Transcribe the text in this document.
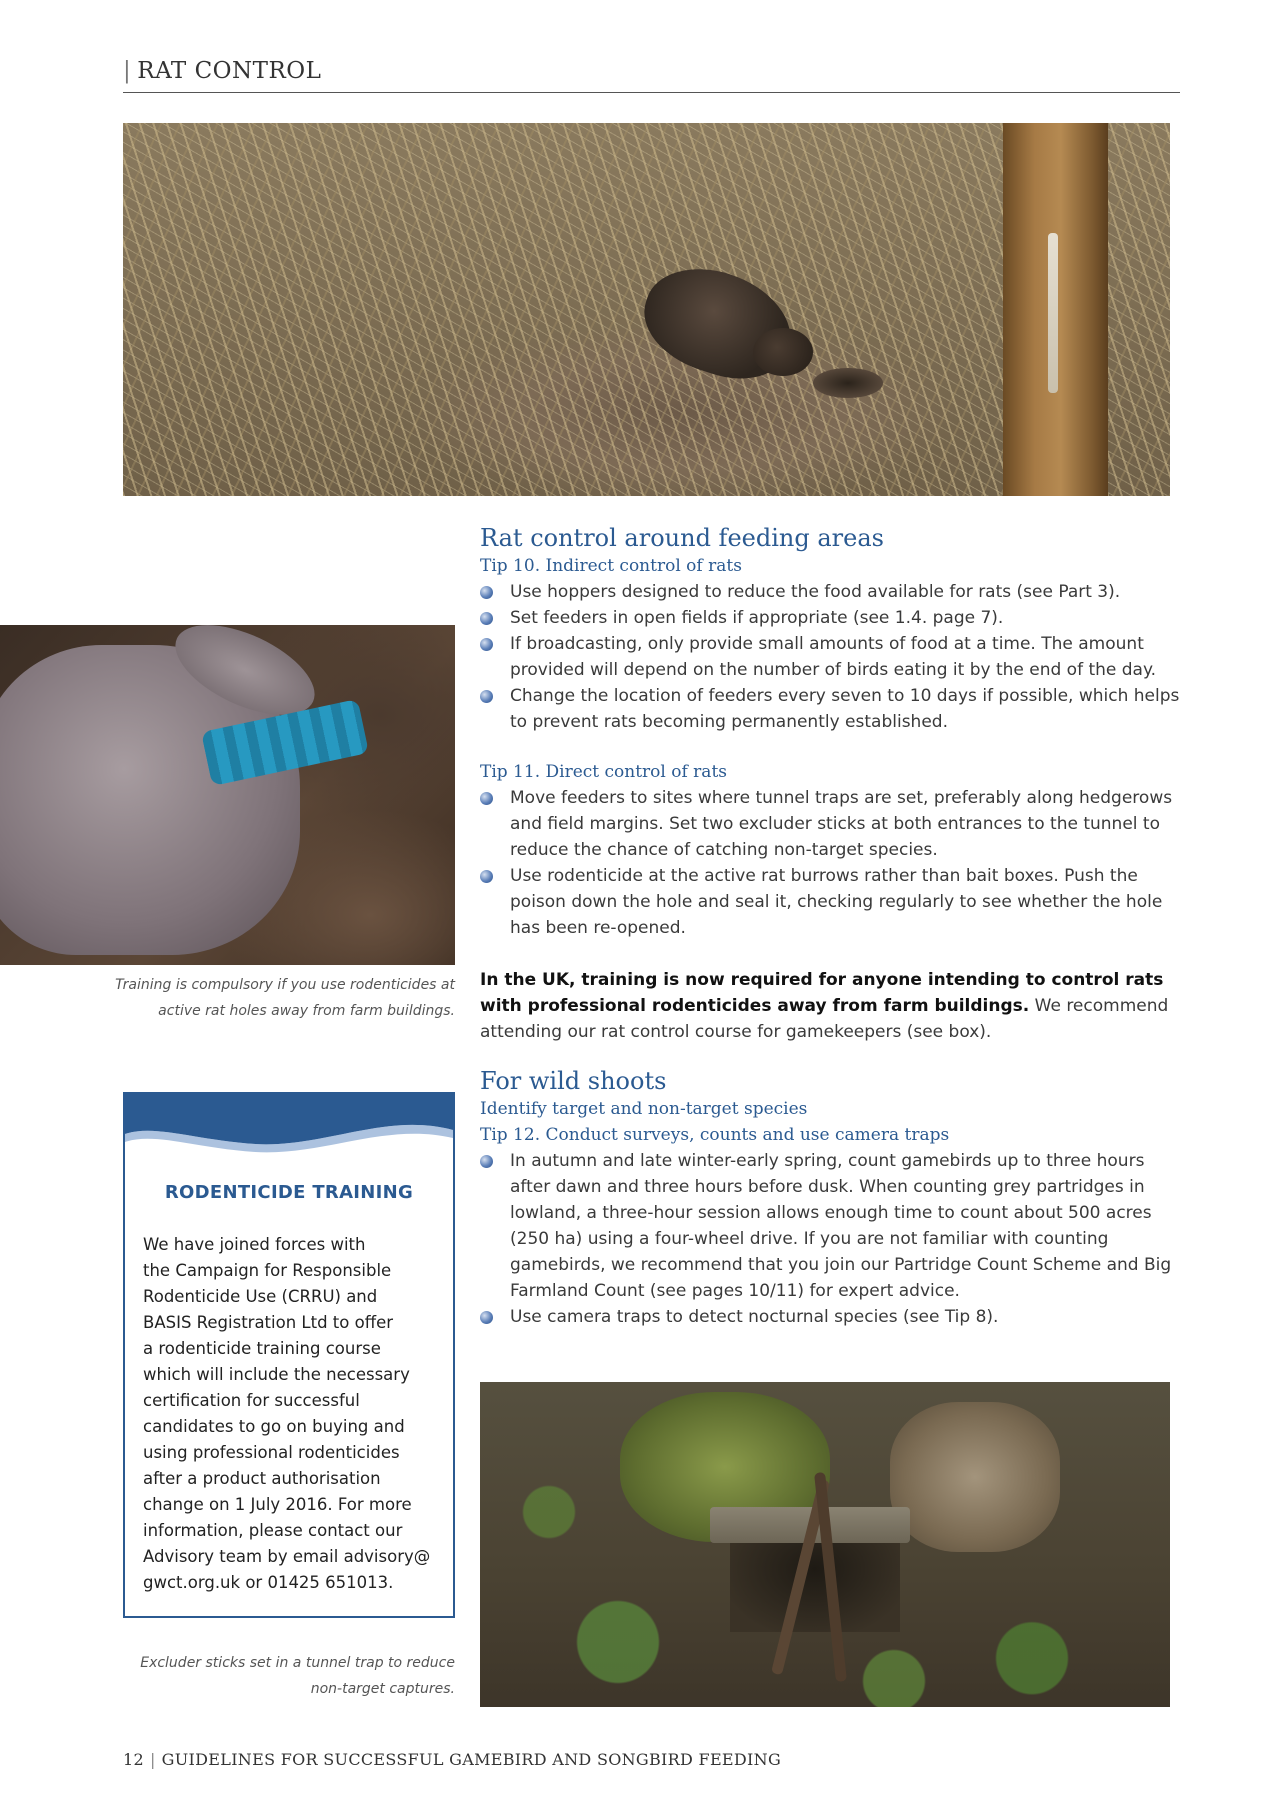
| RAT CONTROL
Training is compulsory if you use rodenticides at
active rat holes away from farm buildings.
Rat control around feeding areas
Tip 10. Indirect control of rats
Use hoppers designed to reduce the food available for rats (see Part 3).
Set feeders in open fields if appropriate (see 1.4. page 7).
If broadcasting, only provide small amounts of food at a time. The amount provided will depend on the number of birds eating it by the end of the day.
Change the location of feeders every seven to 10 days if possible, which helps to prevent rats becoming permanently established.
Tip 11. Direct control of rats
Move feeders to sites where tunnel traps are set, preferably along hedgerows and field margins. Set two excluder sticks at both entrances to the tunnel to reduce the chance of catching non-target species.
Use rodenticide at the active rat burrows rather than bait boxes. Push the poison down the hole and seal it, checking regularly to see whether the hole has been re-opened.
In the UK, training is now required for anyone intending to control rats with professional rodenticides away from farm buildings. We recommend attending our rat control course for gamekeepers (see box).
For wild shoots
Identify target and non-target species
Tip 12. Conduct surveys, counts and use camera traps
In autumn and late winter-early spring, count gamebirds up to three hours after dawn and three hours before dusk. When counting grey partridges in lowland, a three-hour session allows enough time to count about 500 acres (250 ha) using a four-wheel drive. If you are not familiar with counting gamebirds, we recommend that you join our Partridge Count Scheme and Big Farmland Count (see pages 10/11) for expert advice.
Use camera traps to detect nocturnal species (see Tip 8).
RODENTICIDE TRAINING
We have joined forces with
the Campaign for Responsible
Rodenticide Use (CRRU) and
BASIS Registration Ltd to offer
a rodenticide training course
which will include the necessary
certification for successful
candidates to go on buying and
using professional rodenticides
after a product authorisation
change on 1 July 2016. For more
information, please contact our
Advisory team by email advisory@
gwct.org.uk or 01425 651013.
Excluder sticks set in a tunnel trap to reduce
non-target captures.
12 | GUIDELINES FOR SUCCESSFUL GAMEBIRD AND SONGBIRD FEEDING
